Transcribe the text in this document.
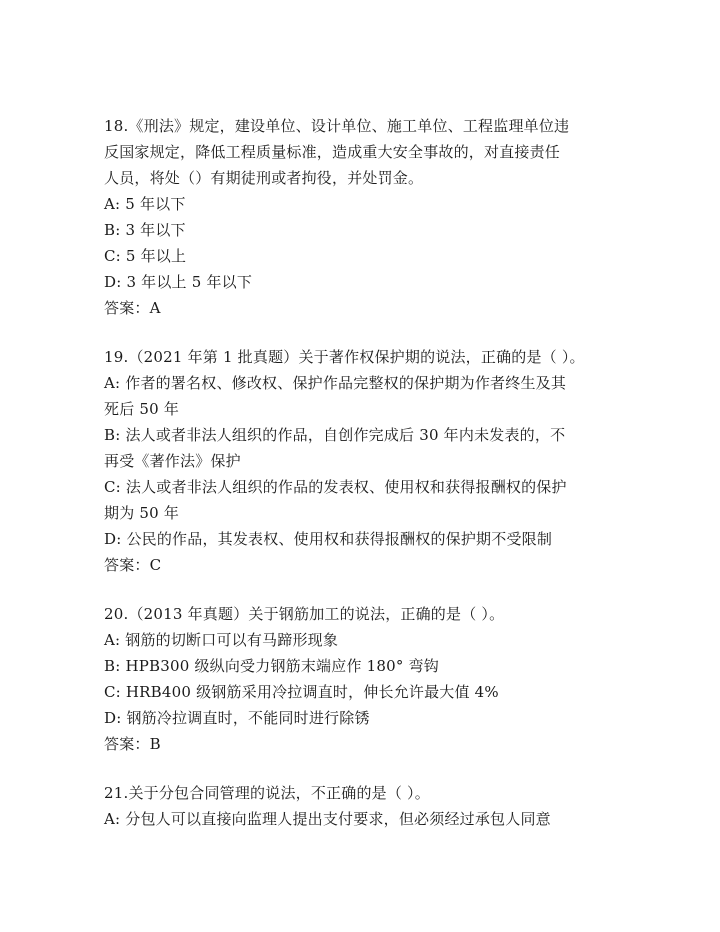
18.《刑法》规定，建设单位、设计单位、施工单位、工程监理单位违
反国家规定，降低工程质量标准，造成重大安全事故的，对直接责任
人员，将处（）有期徒刑或者拘役，并处罚金。
A: 5 年以下
B: 3 年以下
C: 5 年以上
D: 3 年以上 5 年以下
答案：A
19.（2021 年第 1 批真题）关于著作权保护期的说法，正确的是（ ）。
A: 作者的署名权、修改权、保护作品完整权的保护期为作者终生及其
死后 50 年
B: 法人或者非法人组织的作品，自创作完成后 30 年内未发表的，不
再受《著作法》保护
C: 法人或者非法人组织的作品的发表权、使用权和获得报酬权的保护
期为 50 年
D: 公民的作品，其发表权、使用权和获得报酬权的保护期不受限制
答案：C
20.（2013 年真题）关于钢筋加工的说法，正确的是（ ）。
A: 钢筋的切断口可以有马蹄形现象
B: HPB300 级纵向受力钢筋末端应作 180° 弯钩
C: HRB400 级钢筋采用冷拉调直时，伸长允许最大值 4%
D: 钢筋冷拉调直时，不能同时进行除锈
答案：B
21.关于分包合同管理的说法，不正确的是（ ）。
A: 分包人可以直接向监理人提出支付要求，但必须经过承包人同意
